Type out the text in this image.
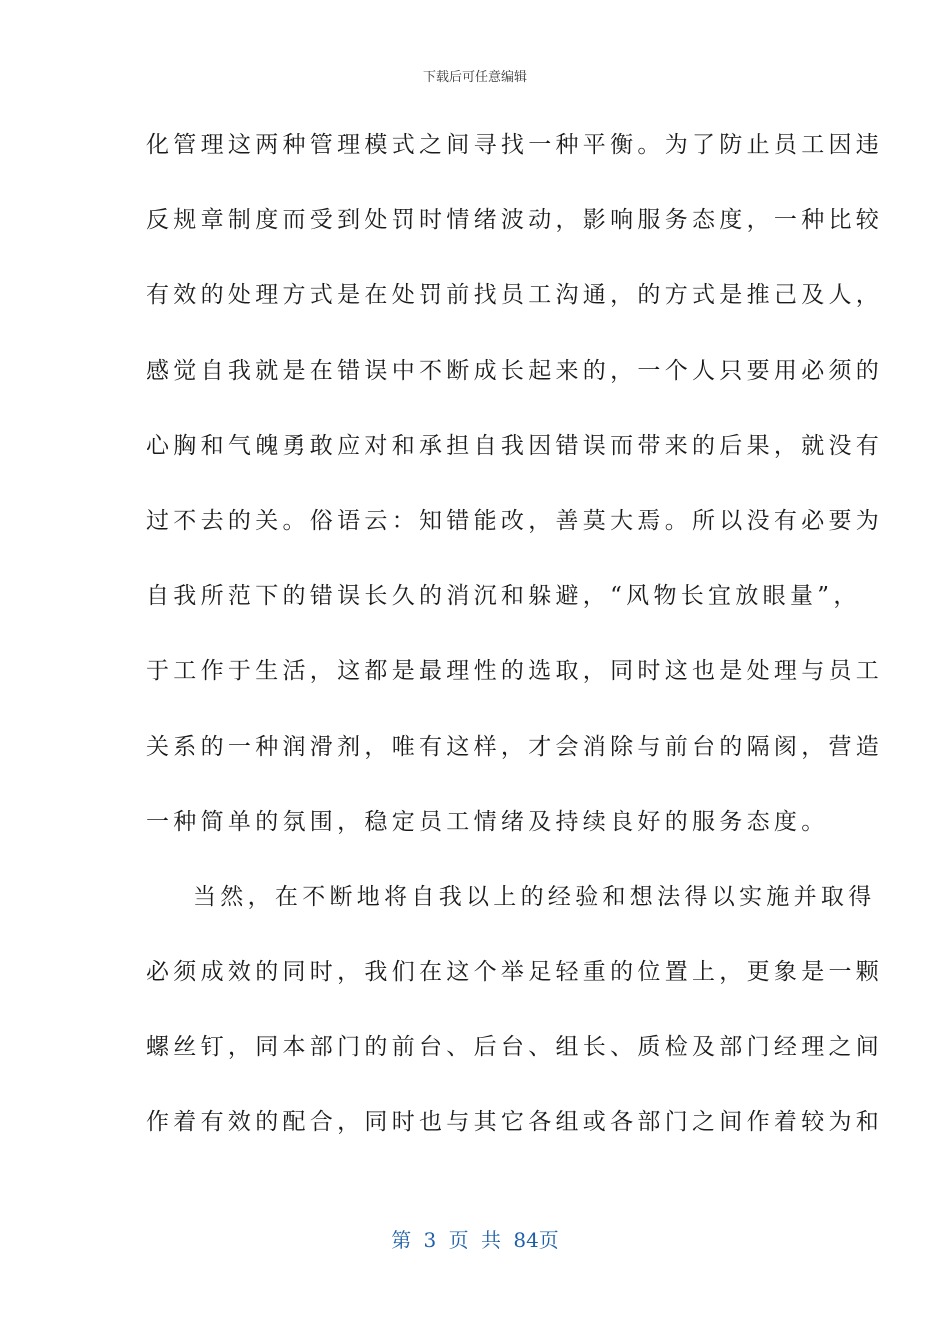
下载后可任意编辑
化管理这两种管理模式之间寻找一种平衡。为了防止员工因违
反规章制度而受到处罚时情绪波动，影响服务态度，一种比较
有效的处理方式是在处罚前找员工沟通，的方式是推己及人，
感觉自我就是在错误中不断成长起来的，一个人只要用必须的
心胸和气魄勇敢应对和承担自我因错误而带来的后果，就没有
过不去的关。俗语云：知错能改，善莫大焉。所以没有必要为
自我所范下的错误长久的消沉和躲避，“风物长宜放眼量”，
于工作于生活，这都是最理性的选取，同时这也是处理与员工
关系的一种润滑剂，唯有这样，才会消除与前台的隔阂，营造
一种简单的氛围，稳定员工情绪及持续良好的服务态度。
当然，在不断地将自我以上的经验和想法得以实施并取得
必须成效的同时，我们在这个举足轻重的位置上，更象是一颗
螺丝钉，同本部门的前台、后台、组长、质检及部门经理之间
作着有效的配合，同时也与其它各组或各部门之间作着较为和
第 3 页 共 84页
